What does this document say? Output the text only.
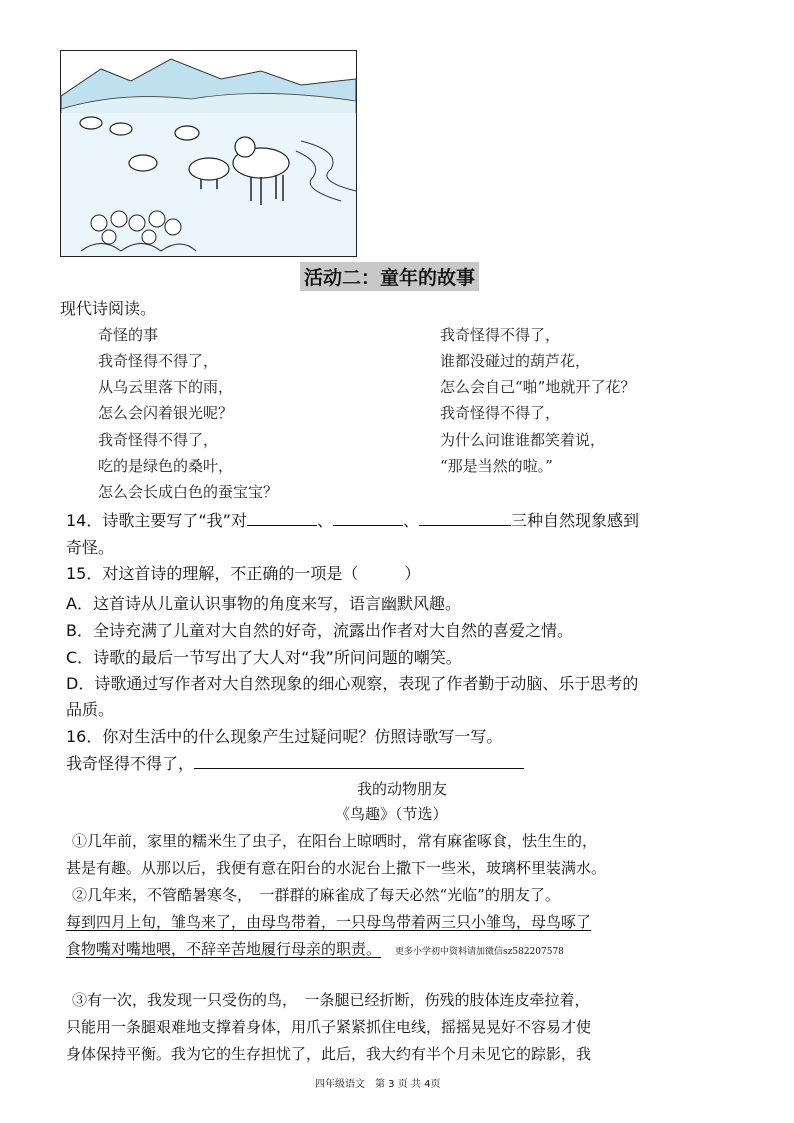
活动二：童年的故事
现代诗阅读。
奇怪的事
我奇怪得不得了，
从乌云里落下的雨，
怎么会闪着银光呢？
我奇怪得不得了，
吃的是绿色的桑叶，
怎么会长成白色的蚕宝宝？
我奇怪得不得了，
谁都没碰过的葫芦花，
怎么会自己“啪”地就开了花？
我奇怪得不得了，
为什么问谁谁都笑着说，
“那是当然的啦。”
14．诗歌主要写了“我”对	、	、	三种自然现象感到
奇怪。
15．对这首诗的理解，不正确的一项是（	）
A．这首诗从儿童认识事物的角度来写，语言幽默风趣。
B．全诗充满了儿童对大自然的好奇，流露出作者对大自然的喜爱之情。
C．诗歌的最后一节写出了大人对“我”所问问题的嘲笑。
D．诗歌通过写作者对大自然现象的细心观察，表现了作者勤于动脑、乐于思考的
品质。
16．你对生活中的什么现象产生过疑问呢？仿照诗歌写一写。
我奇怪得不得了，
我的动物朋友
《鸟趣》（节选）
①几年前，家里的糯米生了虫子，在阳台上晾晒时，常有麻雀啄食，怯生生的，
甚是有趣。从那以后，我便有意在阳台的水泥台上撒下一些米，玻璃杯里装满水。
②几年来，不管酷暑寒冬，　一群群的麻雀成了每天必然“光临”的朋友了。
每到四月上旬，雏鸟来了，由母鸟带着，一只母鸟带着两三只小雏鸟，母鸟啄了
食物嘴对嘴地喂，不辞辛苦地履行母亲的职责。 更多小学初中资料请加微信sz582207578
③有一次，我发现一只受伤的鸟，　一条腿已经折断，伤残的肢体连皮牵拉着，
只能用一条腿艰难地支撑着身体，用爪子紧紧抓住电线，摇摇晃晃好不容易才使
身体保持平衡。我为它的生存担忧了，此后，我大约有半个月未见它的踪影，我
四年级语文　第 3 页 共 4页
